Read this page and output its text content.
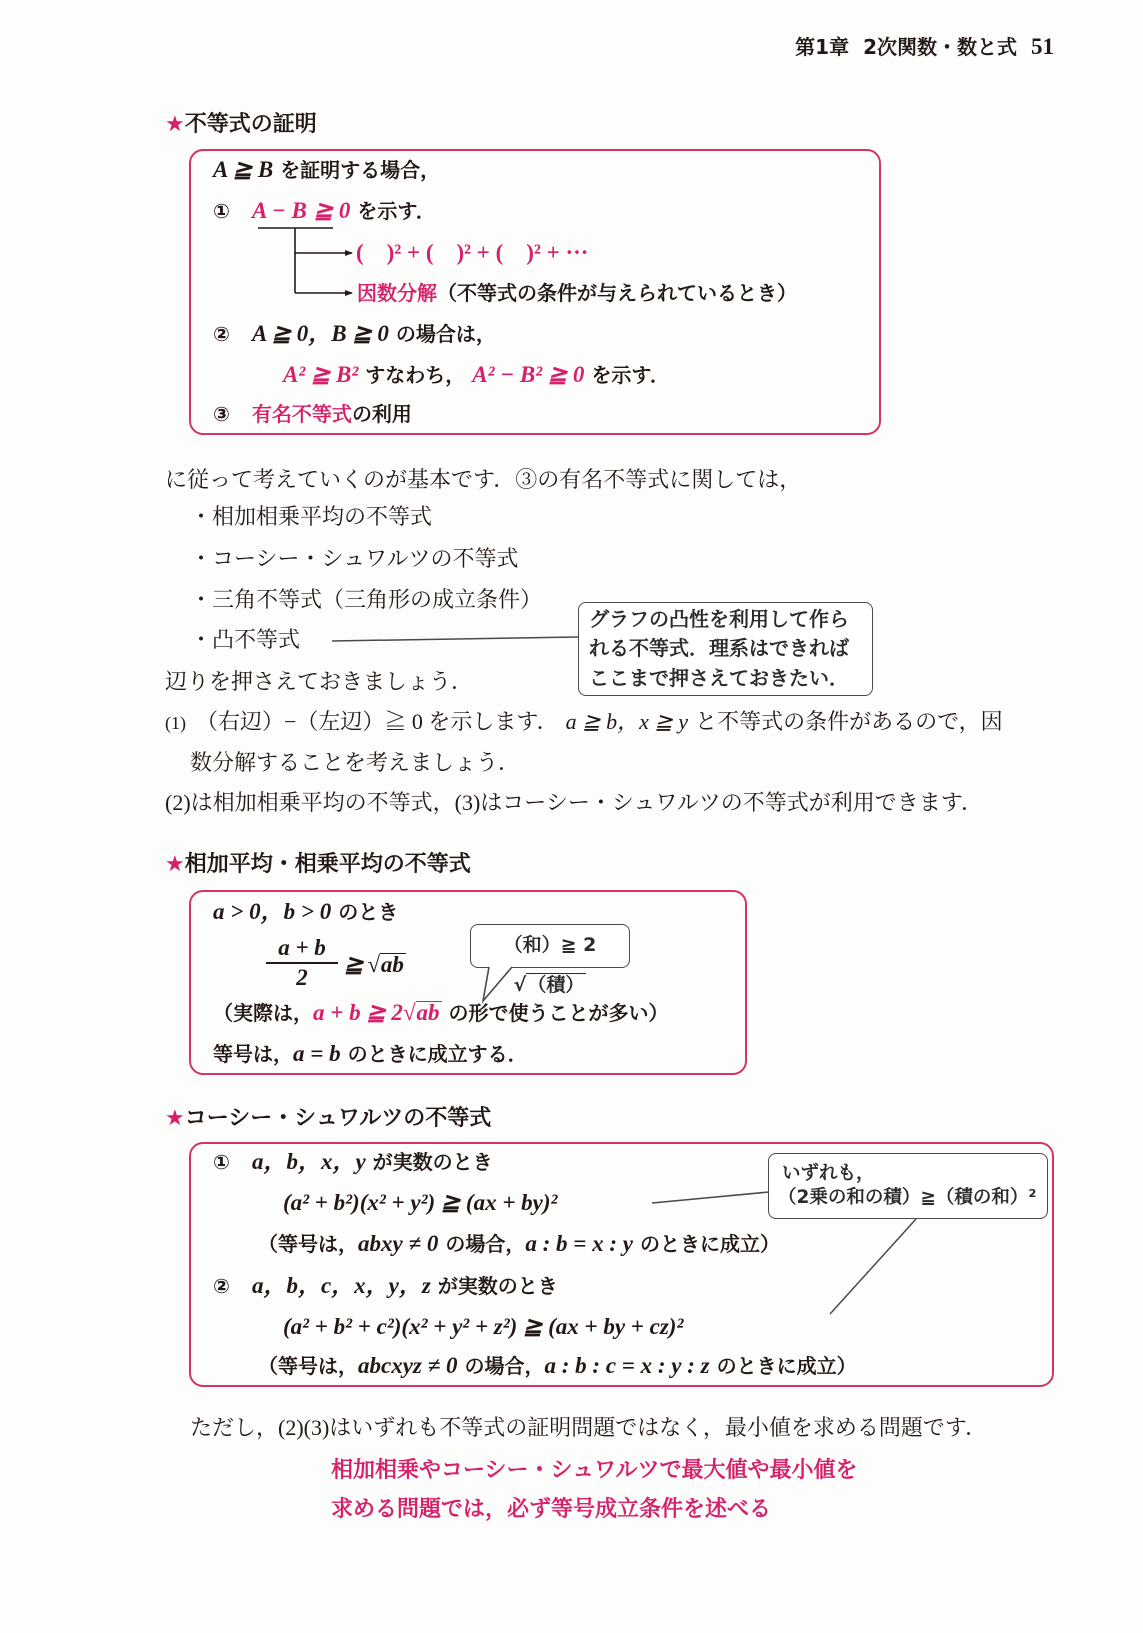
第1章 2次関数・数と式 51
★不等式の証明
A ≧ B を証明する場合，
① A − B ≧ 0 を示す．
(　)² + (　)² + (　)² + ···
因数分解（不等式の条件が与えられているとき）
② A ≧ 0，B ≧ 0 の場合は，
A² ≧ B² すなわち， A² − B² ≧ 0 を示す．
③ 有名不等式の利用
に従って考えていくのが基本です．③の有名不等式に関しては，
・相加相乗平均の不等式
・コーシー・シュワルツの不等式
・三角不等式（三角形の成立条件）
・凸不等式
グラフの凸性を利用して作ら
れる不等式．理系はできれば
ここまで押さえておきたい．
辺りを押さえておきましょう．
(1) （右辺）−（左辺）≧ 0 を示します． a ≧ b，x ≧ y と不等式の条件があるので，因
数分解することを考えましょう．
(2)は相加相乗平均の不等式，(3)はコーシー・シュワルツの不等式が利用できます．
★相加平均・相乗平均の不等式
a > 0，b > 0 のとき
a + b
2
≧ √ab
（和）≧ 2√（積）
（実際は，a + b ≧ 2√ab の形で使うことが多い）
等号は，a = b のときに成立する．
★コーシー・シュワルツの不等式
① a，b，x，y が実数のとき
(a² + b²)(x² + y²) ≧ (ax + by)²
（等号は，abxy ≠ 0 の場合，a : b = x : y のときに成立）
② a，b，c，x，y，z が実数のとき
(a² + b² + c²)(x² + y² + z²) ≧ (ax + by + cz)²
（等号は，abcxyz ≠ 0 の場合，a : b : c = x : y : z のときに成立）
いずれも，
（2乗の和の積）≧（積の和）²
ただし，(2)(3)はいずれも不等式の証明問題ではなく，最小値を求める問題です．
相加相乗やコーシー・シュワルツで最大値や最小値を
求める問題では，必ず等号成立条件を述べる
